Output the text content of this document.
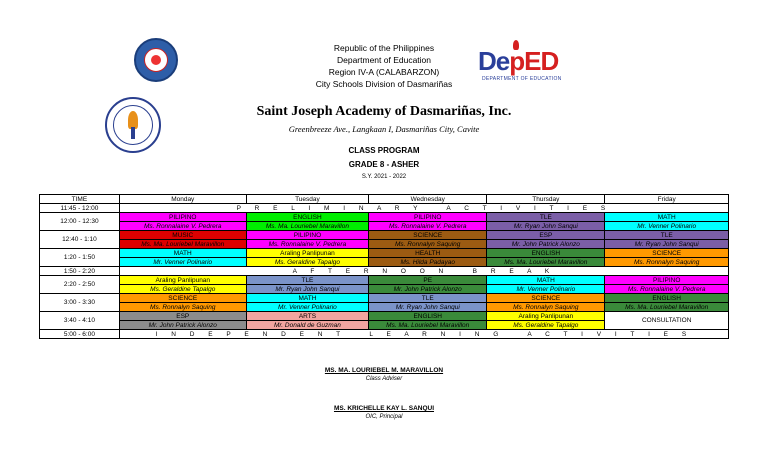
Republic of the Philippines
Department of Education
Region IV-A (CALABARZON)
City Schools Division of Dasmariñas
DepED
DEPARTMENT OF EDUCATION
Saint Joseph Academy of Dasmariñas, Inc.
Greenbreeze Ave., Langkaan I, Dasmariñas City, Cavite
CLASS PROGRAM
GRADE 8 - ASHER
S.Y. 2021 - 2022
TIME	Monday	Tuesday	Wednesday	Thursday	Friday
11:45 - 12:00	P R E L I M I N A R Y   A C T I V I T I E S				
12:00 - 12:30	PILIPINO	ENGLISH	PILIPINO	TLE	MATH
	Ms. Ronnalaine V. Pedrera	Ms. Ma. Louriebel Maravillon	Ms. Ronnalaine V. Pedrera	Mr. Ryan John Sanqui	Mr. Venner Polinario
12:40 - 1:10	MUSIC	PILIPINO	SCIENCE	ESP	TLE
	Ms. Ma. Louriebel Maravillon	Ms. Ronnalaine V. Pedrera	Ms. Ronnalyn Saquing	Mr. John Patrick Alonzo	Mr. Ryan John Sanqui
1:20 - 1:50	MATH	Araling Panlipunan	HEALTH	ENGLISH	SCIENCE
	Mr. Venner Polinario	Ms. Geraldine Tapalgo	Ms. Hilda Padayao	Ms. Ma. Louriebel Maravillon	Ms. Ronnalyn Saquing
1:50 - 2:20	A F T E R N O O N   B R E A K				
2:20 - 2:50	Araling Panlipunan	TLE	PE	MATH	PILIPINO
	Ms. Geraldine Tapalgo	Mr. Ryan John Sanqui	Mr. John Patrick Alonzo	Mr. Venner Polinario	Ms. Ronnalaine V. Pedrera
3:00 - 3:30	SCIENCE	MATH	TLE	SCIENCE	ENGLISH
	Ms. Ronnalyn Saquing	Mr. Venner Polinario	Mr. Ryan John Sanqui	Ms. Ronnalyn Saquing	Ms. Ma. Louriebel Maravillon
3:40 - 4:10	ESP	ARTS	ENGLISH	Araling Panlipunan	CONSULTATION
	Mr. John Patrick Alonzo	Mr. Donald de Guzman	Ms. Ma. Louriebel Maravillon	Ms. Geraldine Tapalgo	
5:00 - 6:00	I N D E P E N D E N T   L E A R N I N G   A C T I V I T I E S				
MS. MA. LOURIEBEL M. MARAVILLON
Class Adviser
MS. KRICHELLE KAY L. SANQUI
OIC, Principal
